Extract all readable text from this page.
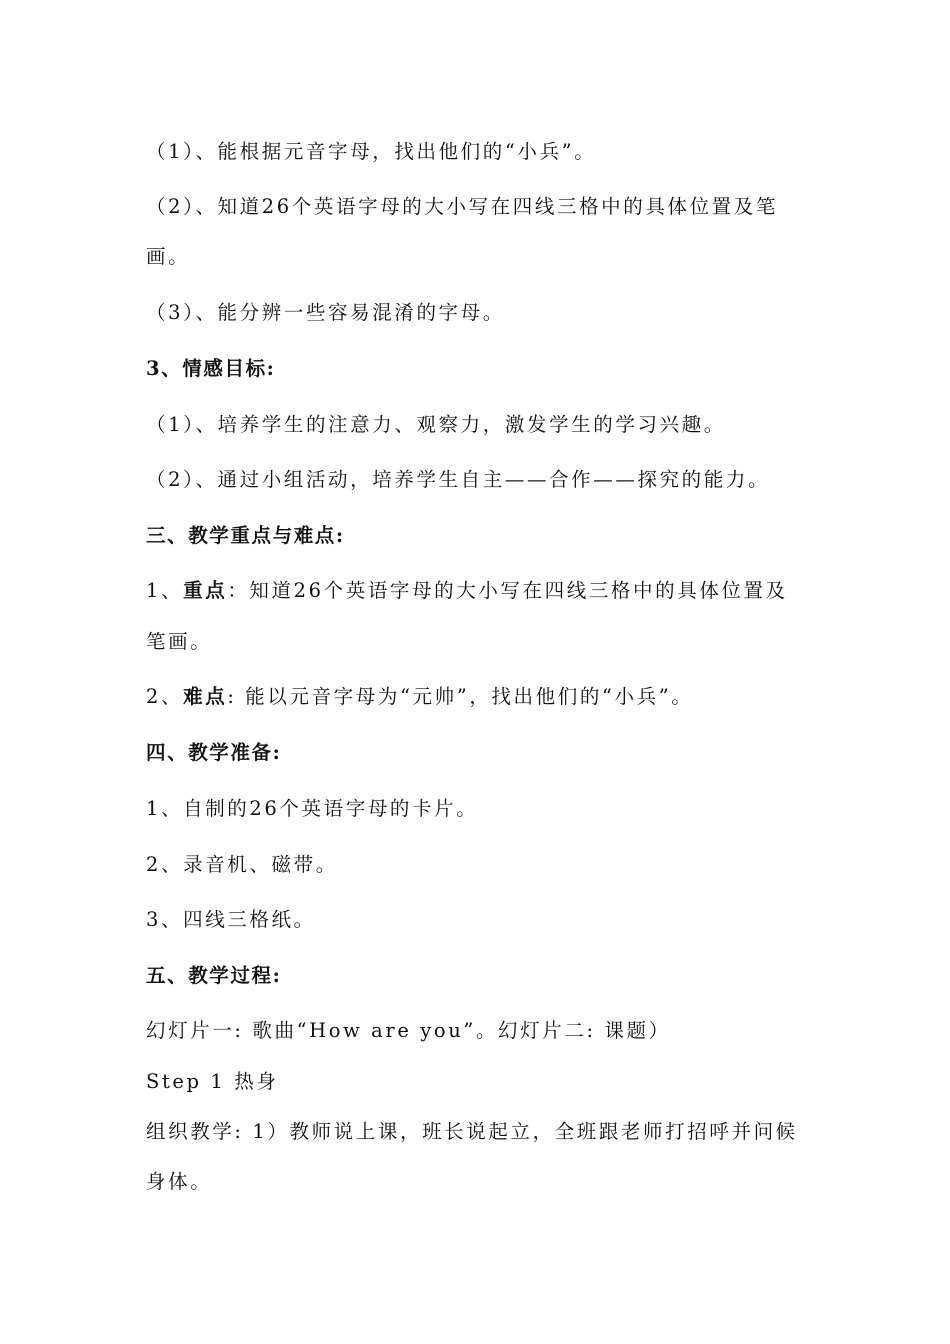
（1）、能根据元音字母，找出他们的“小兵”。
（2）、知道26个英语字母的大小写在四线三格中的具体位置及笔
画。
（3）、能分辨一些容易混淆的字母。
3、情感目标:
（1）、培养学生的注意力、观察力，激发学生的学习兴趣。
（2）、通过小组活动，培养学生自主——合作——探究的能力。
三、教学重点与难点:
1、重点：知道26个英语字母的大小写在四线三格中的具体位置及
笔画。
2、难点: 能以元音字母为“元帅”，找出他们的“小兵”。
四、教学准备:
1、自制的26个英语字母的卡片。
2、录音机、磁带。
3、四线三格纸。
五、教学过程:
幻灯片一: 歌曲“How are you”。幻灯片二: 课题）
Step 1 热身
组织教学: 1）教师说上课，班长说起立，全班跟老师打招呼并问候
身体。
